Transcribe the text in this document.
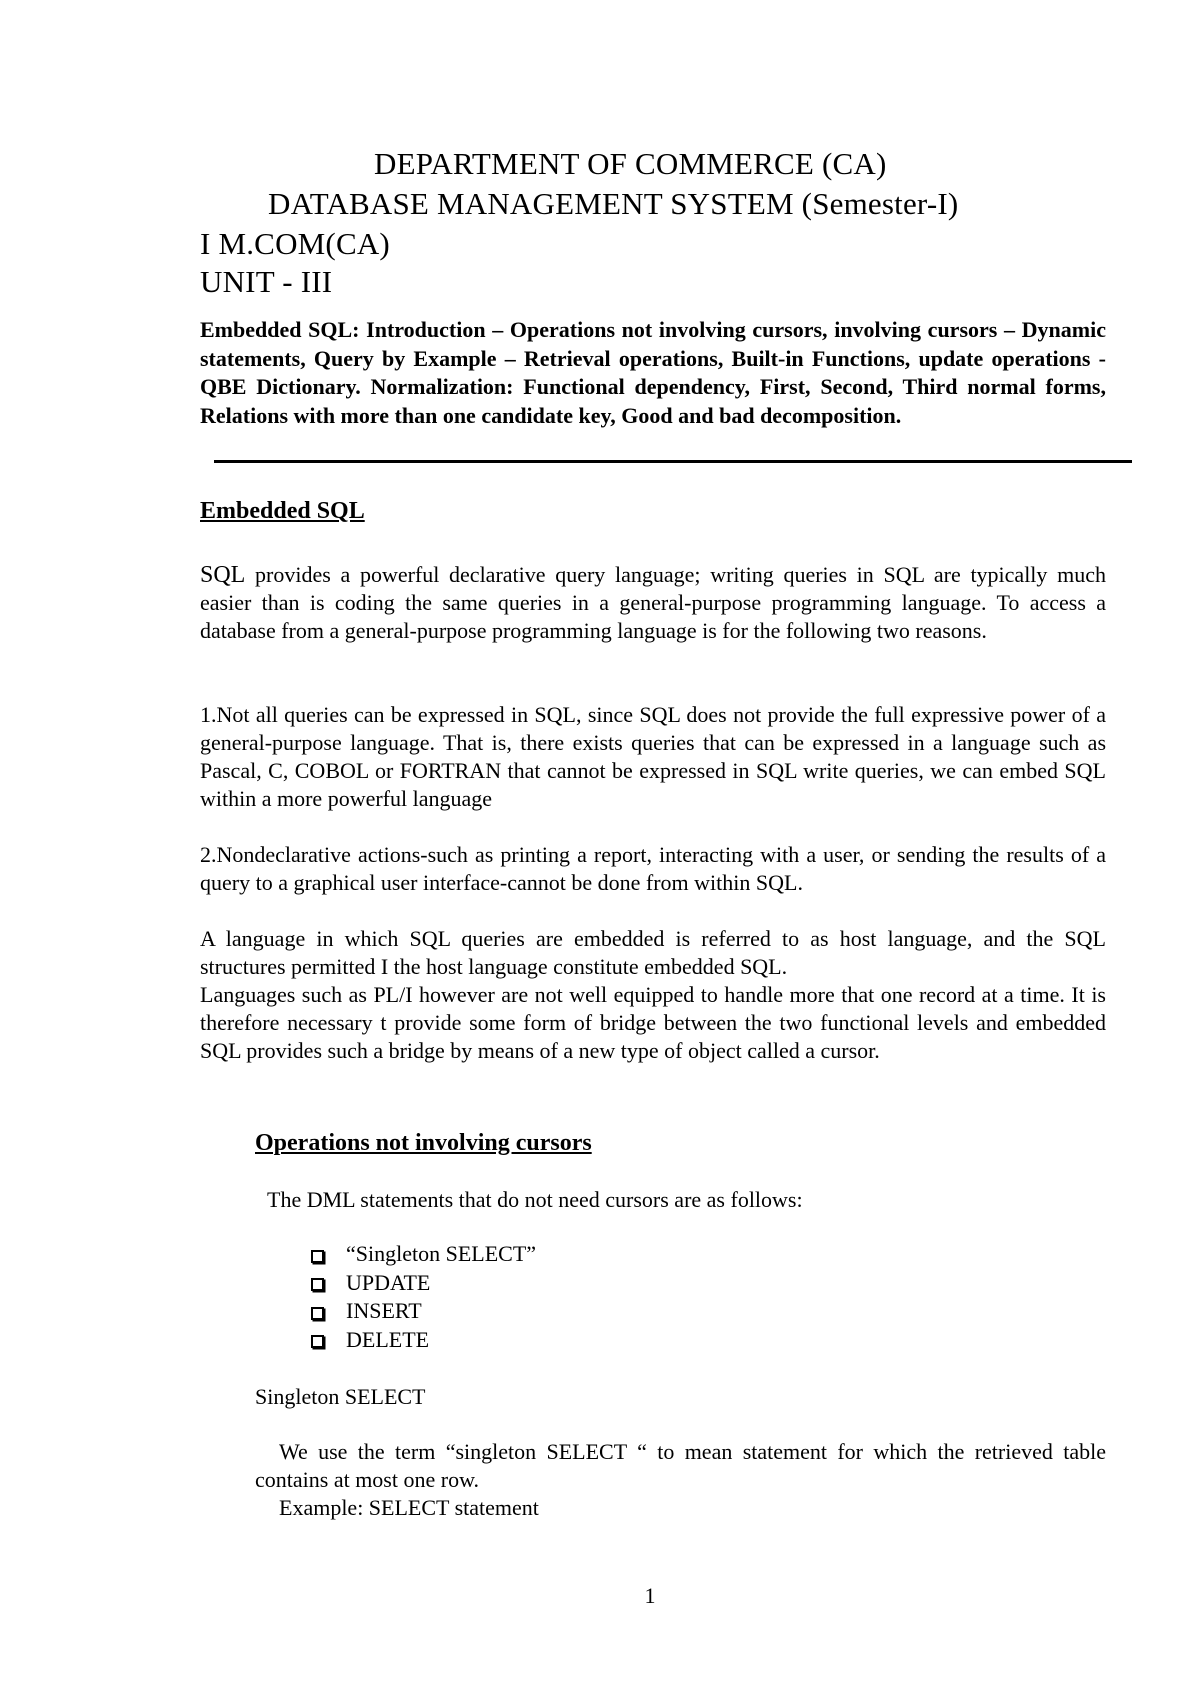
DEPARTMENT OF COMMERCE (CA)
DATABASE MANAGEMENT SYSTEM (Semester-I)
I M.COM(CA)
UNIT - III

Embedded SQL: Introduction – Operations not involving cursors, involving cursors – Dynamic statements, Query by Example – Retrieval operations, Built-in Functions, update operations - QBE Dictionary. Normalization: Functional dependency, First, Second, Third normal forms, Relations with more than one candidate key, Good and bad decomposition.

Embedded SQL

SQL provides a powerful declarative query language; writing queries in SQL are typically much easier than is coding the same queries in a general-purpose programming language. To access a database from a general-purpose programming language is for the following two reasons.

1.Not all queries can be expressed in SQL, since SQL does not provide the full expressive power of a general-purpose language. That is, there exists queries that can be expressed in a language such as Pascal, C, COBOL or FORTRAN that cannot be expressed in SQL write queries, we can embed SQL within a more powerful language

2.Nondeclarative actions-such as printing a report, interacting with a user, or sending the results of a query to a graphical user interface-cannot be done from within SQL.

A language in which SQL queries are embedded is referred to as host language, and the SQL structures permitted I the host language constitute embedded SQL.

Languages such as PL/I however are not well equipped to handle more that one record at a time. It is therefore necessary t provide some form of bridge between the two functional levels and embedded SQL provides such a bridge by means of a new type of object called a cursor.

Operations not involving cursors

The DML statements that do not need cursors are as follows:

“Singleton SELECT”
UPDATE
INSERT
DELETE

Singleton SELECT

We use the term “singleton SELECT “ to mean statement for which the retrieved table contains at most one row.

Example: SELECT statement

1
